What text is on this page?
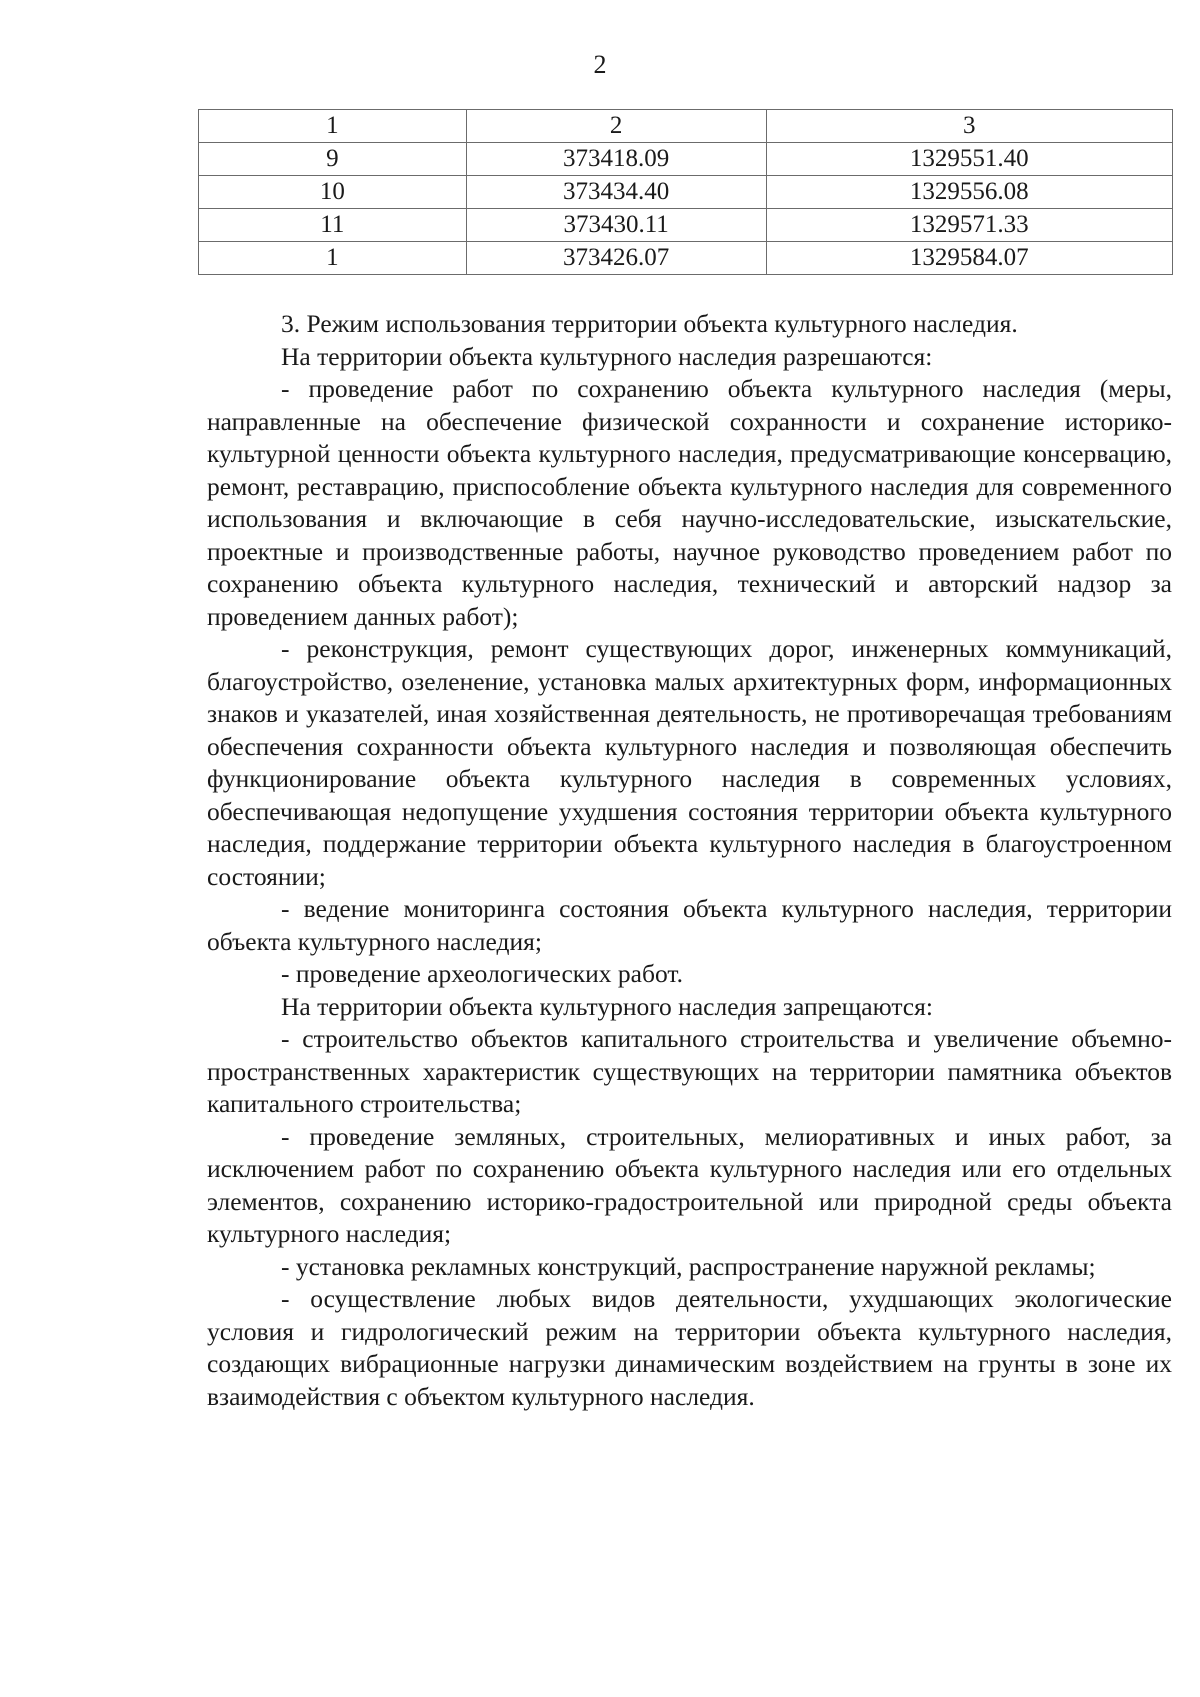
2
1	2	3
9	373418.09	1329551.40
10	373434.40	1329556.08
11	373430.11	1329571.33
1	373426.07	1329584.07

3. Режим использования территории объекта культурного наследия.

На территории объекта культурного наследия разрешаются:

- проведение работ по сохранению объекта культурного наследия (меры, направленные на обеспечение физической сохранности и сохранение историко-культурной ценности объекта культурного наследия, предусматривающие консервацию, ремонт, реставрацию, приспособление объекта культурного наследия для современного использования и включающие в себя научно-исследовательские, изыскательские, проектные и производственные работы, научное руководство проведением работ по сохранению объекта культурного наследия, технический и авторский надзор за проведением данных работ);

- реконструкция, ремонт существующих дорог, инженерных коммуникаций, благоустройство, озеленение, установка малых архитектурных форм, информационных знаков и указателей, иная хозяйственная деятельность, не противоречащая требованиям обеспечения сохранности объекта культурного наследия и позволяющая обеспечить функционирование объекта культурного наследия в современных условиях, обеспечивающая недопущение ухудшения состояния территории объекта культурного наследия, поддержание территории объекта культурного наследия в благоустроенном состоянии;

- ведение мониторинга состояния объекта культурного наследия, территории объекта культурного наследия;

- проведение археологических работ.

На территории объекта культурного наследия запрещаются:

- строительство объектов капитального строительства и увеличение объемно-пространственных характеристик существующих на территории памятника объектов капитального строительства;

- проведение земляных, строительных, мелиоративных и иных работ, за исключением работ по сохранению объекта культурного наследия или его отдельных элементов, сохранению историко-градостроительной или природной среды объекта культурного наследия;

- установка рекламных конструкций, распространение наружной рекламы;

- осуществление любых видов деятельности, ухудшающих экологические условия и гидрологический режим на территории объекта культурного наследия, создающих вибрационные нагрузки динамическим воздействием на грунты в зоне их взаимодействия с объектом культурного наследия.
